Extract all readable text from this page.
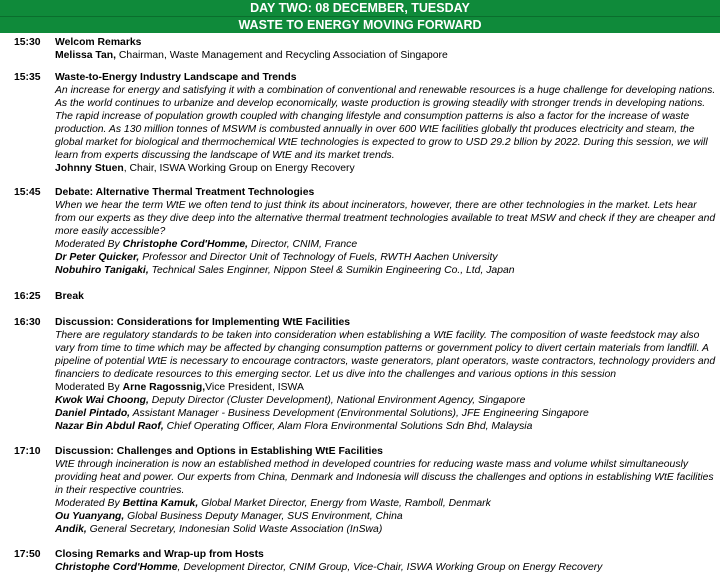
DAY TWO: 08 DECEMBER, TUESDAY
WASTE TO ENERGY MOVING FORWARD
15:30	Welcom Remarks
Melissa Tan, Chairman, Waste Management and Recycling Association of Singapore
15:35	Waste-to-Energy Industry Landscape and Trends
An increase for energy and satisfying it with a combination of conventional and renewable resources is a huge challenge for developing nations. As the world continues to urbanize and develop economically, waste production is growing steadily with stronger trends in developing nations. The rapid increase of population growth coupled with changing lifestyle and consumption patterns is also a factor for the increase of waste production. As 130 million tonnes of MSWM is combusted annually in over 600 WtE facilities globally tht produces electricity and steam, the global market for biological and thermochemical WtE technologies is expected to grow to USD 29.2 bllion by 2022. During this session, we will learn from experts discussing the landscape of WtE and its market trends.
Johnny Stuen, Chair, ISWA Working Group on Energy Recovery
15:45	Debate: Alternative Thermal Treatment Technologies
When we hear the term WtE we often tend to just think its about incinerators, however, there are other technologies in the market. Lets hear from our experts as they dive deep into the alternative thermal treatment technologies available to treat MSW and check if they are cheaper and more easily accessible?
Moderated By Christophe Cord'Homme, Director, CNIM, France
Dr Peter Quicker, Professor and Director Unit of Technology of Fuels, RWTH Aachen University
Nobuhiro Tanigaki, Technical Sales Enginner, Nippon Steel & Sumikin Engineering Co., Ltd, Japan
16:25	Break
16:30	Discussion: Considerations for Implementing WtE Facilities
There are regulatory standards to be taken into consideration when establishing a WtE facility. The composition of waste feedstock may also vary from time to time which may be affected by changing consumption patterns or government policy to divert certain materials from landfill. A pipeline of potential WtE is necessary to encourage contractors, waste generators, plant operators, waste contractors, technology providers and financiers to dedicate resources to this emerging sector. Let us dive into the challenges and various options in this session
Moderated By Arne Ragossnig,Vice President, ISWA
Kwok Wai Choong, Deputy Director (Cluster Development), National Environment Agency, Singapore
Daniel Pintado, Assistant Manager - Business Development (Environmental Solutions), JFE Engineering Singapore
Nazar Bin Abdul Raof, Chief Operating Officer, Alam Flora Environmental Solutions Sdn Bhd, Malaysia
17:10	Discussion: Challenges and Options in Establishing WtE Facilities
WtE through incineration is now an established method in developed countries for reducing waste mass and volume whilst simultaneously providing heat and power. Our experts from China, Denmark and Indonesia will discuss the challenges and options in establishing WtE facilities in their respective countries.
Moderated By Bettina Kamuk, Global Market Director, Energy from Waste, Ramboll, Denmark
Ou Yuanyang, Global Business Deputy Manager, SUS Environment, China
Andik, General Secretary, Indonesian Solid Waste Association (InSwa)
17:50	Closing Remarks and Wrap-up from Hosts
Christophe Cord'Homme, Development Director, CNIM Group, Vice-Chair, ISWA Working Group on Energy Recovery
